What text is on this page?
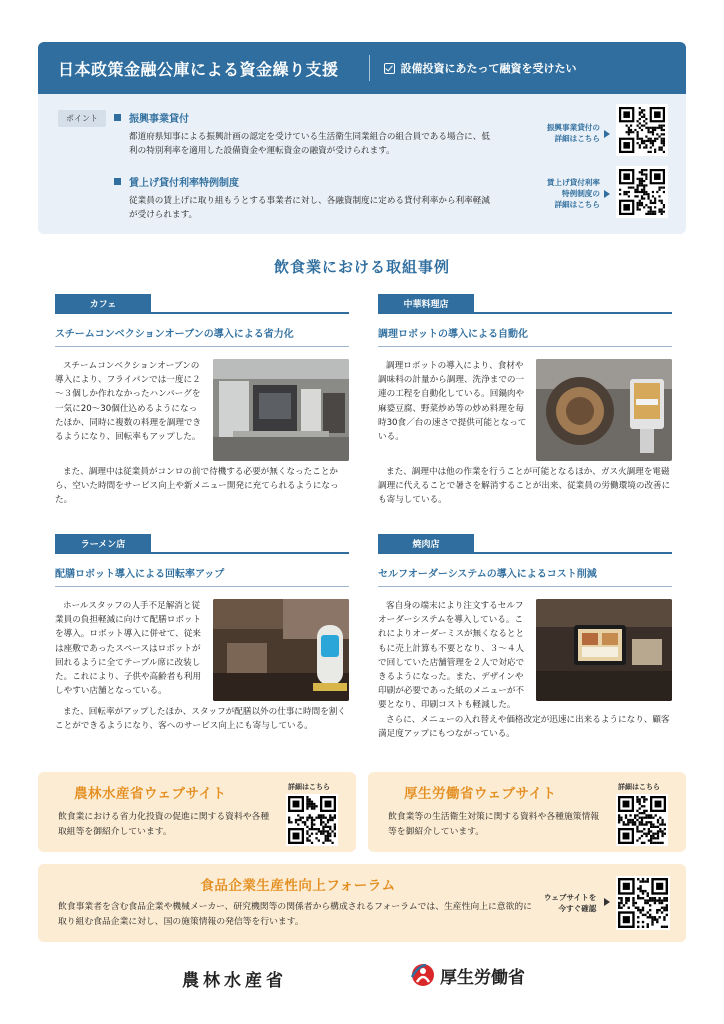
日本政策金融公庫による資金繰り支援	設備投資にあたって融資を受けたい
ポイント	振興事業貸付
都道府県知事による振興計画の認定を受けている生活衛生同業組合の組合員である場合に、低利の特別利率を適用した設備資金や運転資金の融資が受けられます。
賃上げ貸付利率特例制度
従業員の賃上げに取り組もうとする事業者に対し、各融資制度に定める貸付利率から利率軽減が受けられます。
振興事業貸付の
詳細はこちら
賃上げ貸付利率
特例制度の
詳細はこちら
飲食業における取組事例
カフェ
スチームコンベクションオーブンの導入による省力化

スチームコンベクションオーブンの導入により、フライパンでは一度に２～３個しか作れなかったハンバーグを一気に20～30個仕込めるようになったほか、同時に複数の料理を調理できるようになり、回転率もアップした。

また、調理中は従業員がコンロの前で待機する必要が無くなったことから、空いた時間をサービス向上や新メニュー開発に充てられるようになった。

中華料理店
調理ロボットの導入による自動化

調理ロボットの導入により、食材や調味料の計量から調理、洗浄までの一連の工程を自動化している。回鍋肉や麻婆豆腐、野菜炒め等の炒め料理を毎時30食／台の速さで提供可能となっている。

また、調理中は他の作業を行うことが可能となるほか、ガス火調理を電磁調理に代えることで暑さを解消することが出来、従業員の労働環境の改善にも寄与している。

ラーメン店
配膳ロボット導入による回転率アップ

ホールスタッフの人手不足解消と従業員の負担軽減に向けて配膳ロボットを導入。ロボット導入に併せて、従来は座敷であったスペースはロボットが回れるように全てテーブル席に改装した。これにより、子供や高齢者も利用しやすい店舗となっている。

また、回転率がアップしたほか、スタッフが配膳以外の仕事に時間を割くことができるようになり、客へのサービス向上にも寄与している。

焼肉店
セルフオーダーシステムの導入によるコスト削減

客自身の端末により注文するセルフオーダーシステムを導入している。これによりオーダーミスが無くなるとともに売上計算も不要となり、３～４人で回していた店舗管理を２人で対応できるようになった。また、デザインや印刷が必要であった紙のメニューが不要となり、印刷コストも軽減した。

さらに、メニューの入れ替えや価格改定が迅速に出来るようになり、顧客満足度アップにもつながっている。

農林水産省ウェブサイト
飲食業における省力化投資の促進に関する資料や各種取組等を御紹介しています。
詳細はこちら	厚生労働省ウェブサイト
飲食業等の生活衛生対策に関する資料や各種施策情報等を御紹介しています。
詳細はこちら
食品企業生産性向上フォーラム
飲食事業者を含む食品企業や機械メーカー、研究機関等の関係者から構成されるフォーラムでは、生産性向上に意欲的に取り組む食品企業に対し、国の施策情報の発信等を行います。
ウェブサイトを
今すぐ確認
農林水産省	厚生労働省
